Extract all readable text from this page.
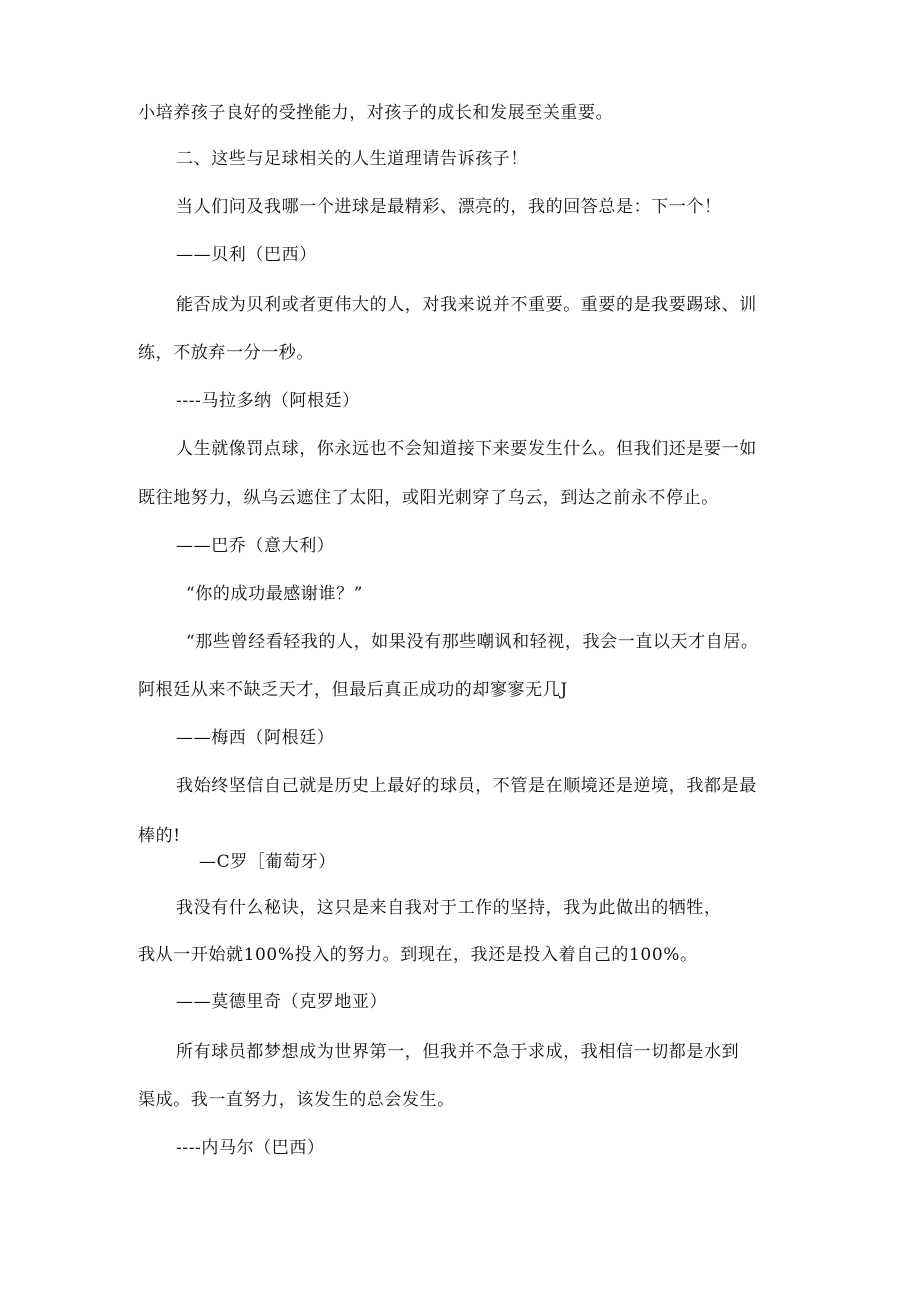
小培养孩子良好的受挫能力，对孩子的成长和发展至关重要。

二、这些与足球相关的人生道理请告诉孩子！

当人们问及我哪一个进球是最精彩、漂亮的，我的回答总是：下一个！

——贝利（巴西）

能否成为贝利或者更伟大的人，对我来说并不重要。重要的是我要踢球、训

练，不放弃一分一秒。

----马拉多纳（阿根廷）

人生就像罚点球，你永远也不会知道接下来要发生什么。但我们还是要一如

既往地努力，纵乌云遮住了太阳，或阳光刺穿了乌云，到达之前永不停止。

——巴乔（意大利）

“你的成功最感谢谁？”

“那些曾经看轻我的人，如果没有那些嘲讽和轻视，我会一直以天才自居。

阿根廷从来不缺乏天才，但最后真正成功的却寥寥无几J

——梅西（阿根廷）

我始终坚信自己就是历史上最好的球员，不管是在顺境还是逆境，我都是最

棒的!

—C罗［葡萄牙）

我没有什么秘诀，这只是来自我对于工作的坚持，我为此做出的牺牲，

我从一开始就100%投入的努力。到现在，我还是投入着自己的100%。

——莫德里奇（克罗地亚）

所有球员都梦想成为世界第一，但我并不急于求成，我相信一切都是水到

渠成。我一直努力，该发生的总会发生。

----内马尔（巴西）
